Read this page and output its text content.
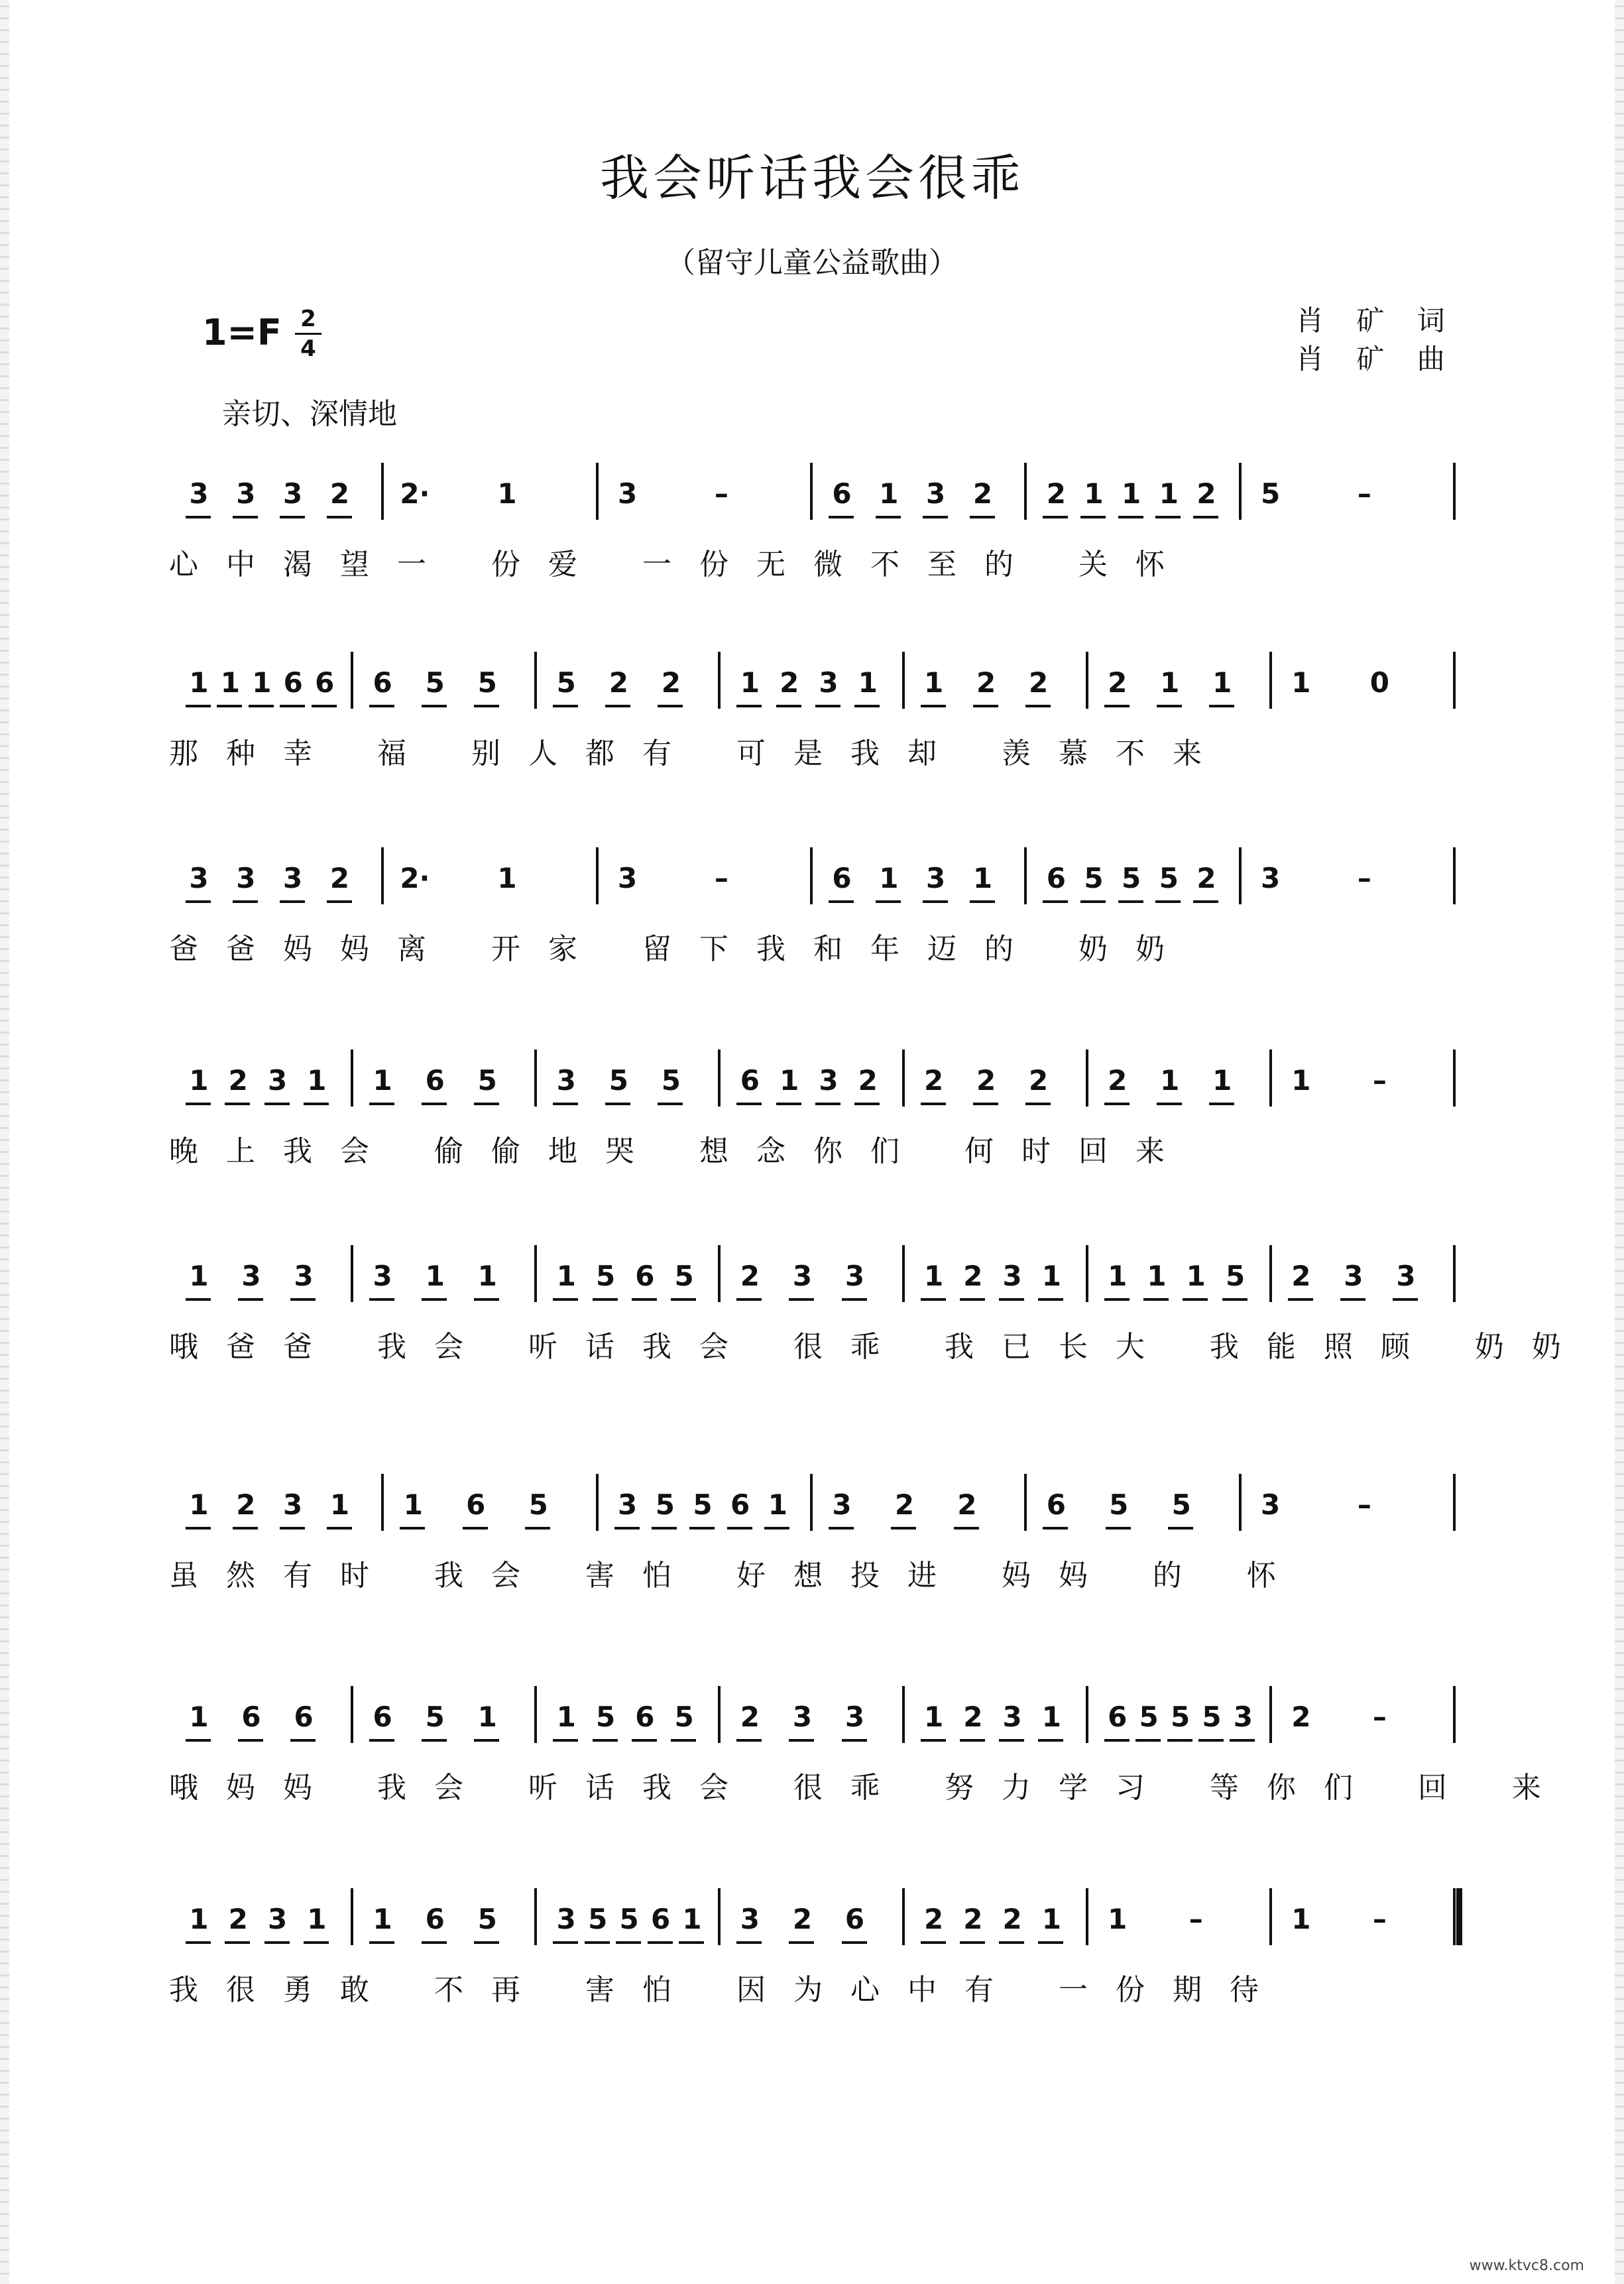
我会听话我会很乖
（留守儿童公益歌曲）
1=F 2
4
肖 矿 词
肖 矿 曲
亲切、深情地
3 3 3 2 2· 1	3	–	6 1 3 2 2 1 1 1 2 5	–
心中渴望一 份爱 一份无微不至的 关怀
1 1 1 6 6 6 5 5 5 2 2 1 2 3 1 1 2 2 2 1 1 1 0
那种幸 福 别人都有 可是我却 羡慕不来
3 3 3 2 2· 1	3	–	6 1 3 1 6 5 5 5 2 3	–
爸爸妈妈离 开家 留下我和年迈的 奶奶
1 2 3 1 1 6 5 3 5 5 6 1 3 2 2 2 2 2 1 1 1 –
晚上我会 偷偷地哭 想念你们 何时回来
1 3 3 3 1 1 1 5 6 5 2 3 3 1 2 3 1 1 1 1 5 2 3 3
哦爸爸 我会 听话我会 很乖 我已长大 我能照顾 奶奶
1 2 3 1 1 6 5	3 5 5 6 1 3 2 2	6 5 5	3	–
虽然有时 我会 害怕 好想投进 妈妈 的 怀
1 6 6 6 5 1 1 5 6 5 2 3 3 1 2 3 1 6 5 5 5 3 2 –
哦妈妈 我会 听话我会 很乖 努力学习 等你们 回 来
1 2 3 1 1 6 5 3 5 5 6 1 3 2 6 2 2 2 1 1 –	1 –
我很勇敢 不再 害怕 因为心中有 一份期待
www.ktvc8.com
